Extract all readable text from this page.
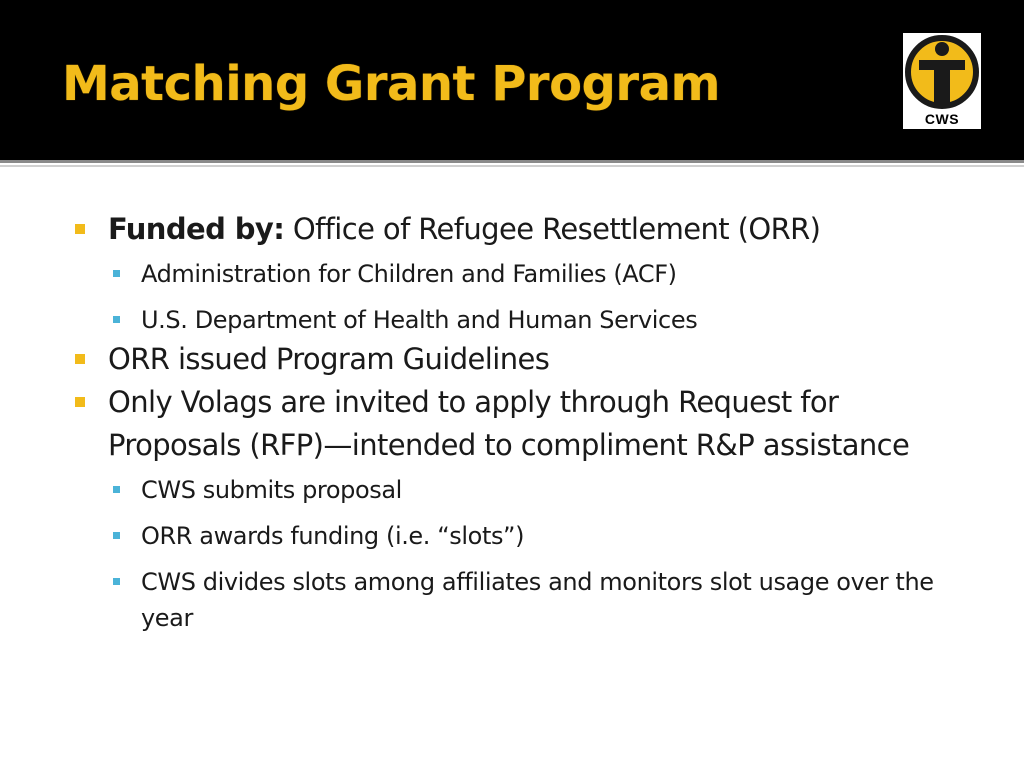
Matching Grant Program
CWS
Funded by: Office of Refugee Resettlement (ORR)
Administration for Children and Families (ACF)
U.S. Department of Health and Human Services
ORR issued Program Guidelines
Only Volags are invited to apply through Request for Proposals (RFP)—intended to compliment R&P assistance
CWS submits proposal
ORR awards funding (i.e. “slots”)
CWS divides slots among affiliates and monitors slot usage over the year
